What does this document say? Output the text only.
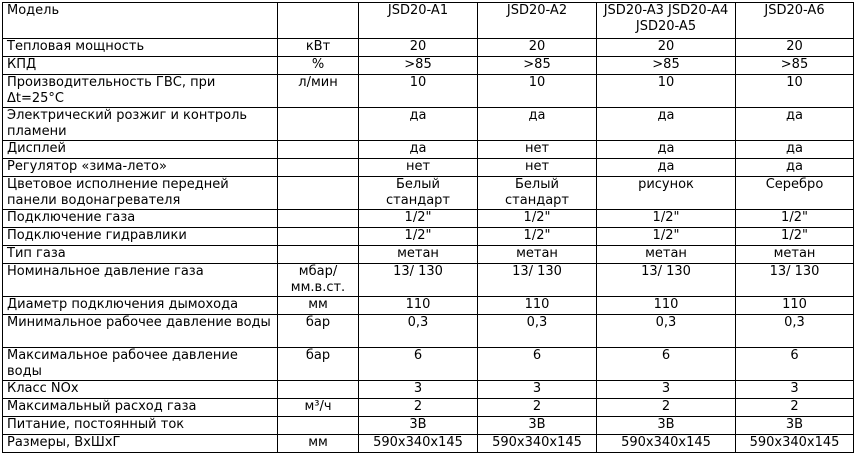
Модель		JSD20-A1	JSD20-A2	JSD20-A3 JSD20-A4 JSD20-A5	JSD20-A6
Тепловая мощность	кВт	20	20	20	20
КПД	%	>85	>85	>85	>85
Производительность ГВС, при Δt=25°С	л/мин	10	10	10	10
Электрический розжиг и контроль пламени		да	да	да	да
Дисплей		да	нет	да	да
Регулятор «зима-лето»		нет	нет	да	да
Цветовое исполнение передней панели водонагревателя		Белый стандарт	Белый стандарт	рисунок	Серебро
Подключение газа		1/2"	1/2"	1/2"	1/2"
Подключение гидравлики		1/2"	1/2"	1/2"	1/2"
Тип газа		метан	метан	метан	метан
Номинальное давление газа	мбар/ мм.в.ст.	13/ 130	13/ 130	13/ 130	13/ 130
Диаметр подключения дымохода	мм	110	110	110	110
Минимальное рабочее давление воды	бар	0,3	0,3	0,3	0,3
Максимальное рабочее давление воды	бар	6	6	6	6
Класс NOx		3	3	3	3
Максимальный расход газа	м³/ч	2	2	2	2
Питание, постоянный ток		3В	3В	3В	3В
Размеры, ВхШхГ	мм	590x340x145	590x340x145	590x340x145	590x340x145
